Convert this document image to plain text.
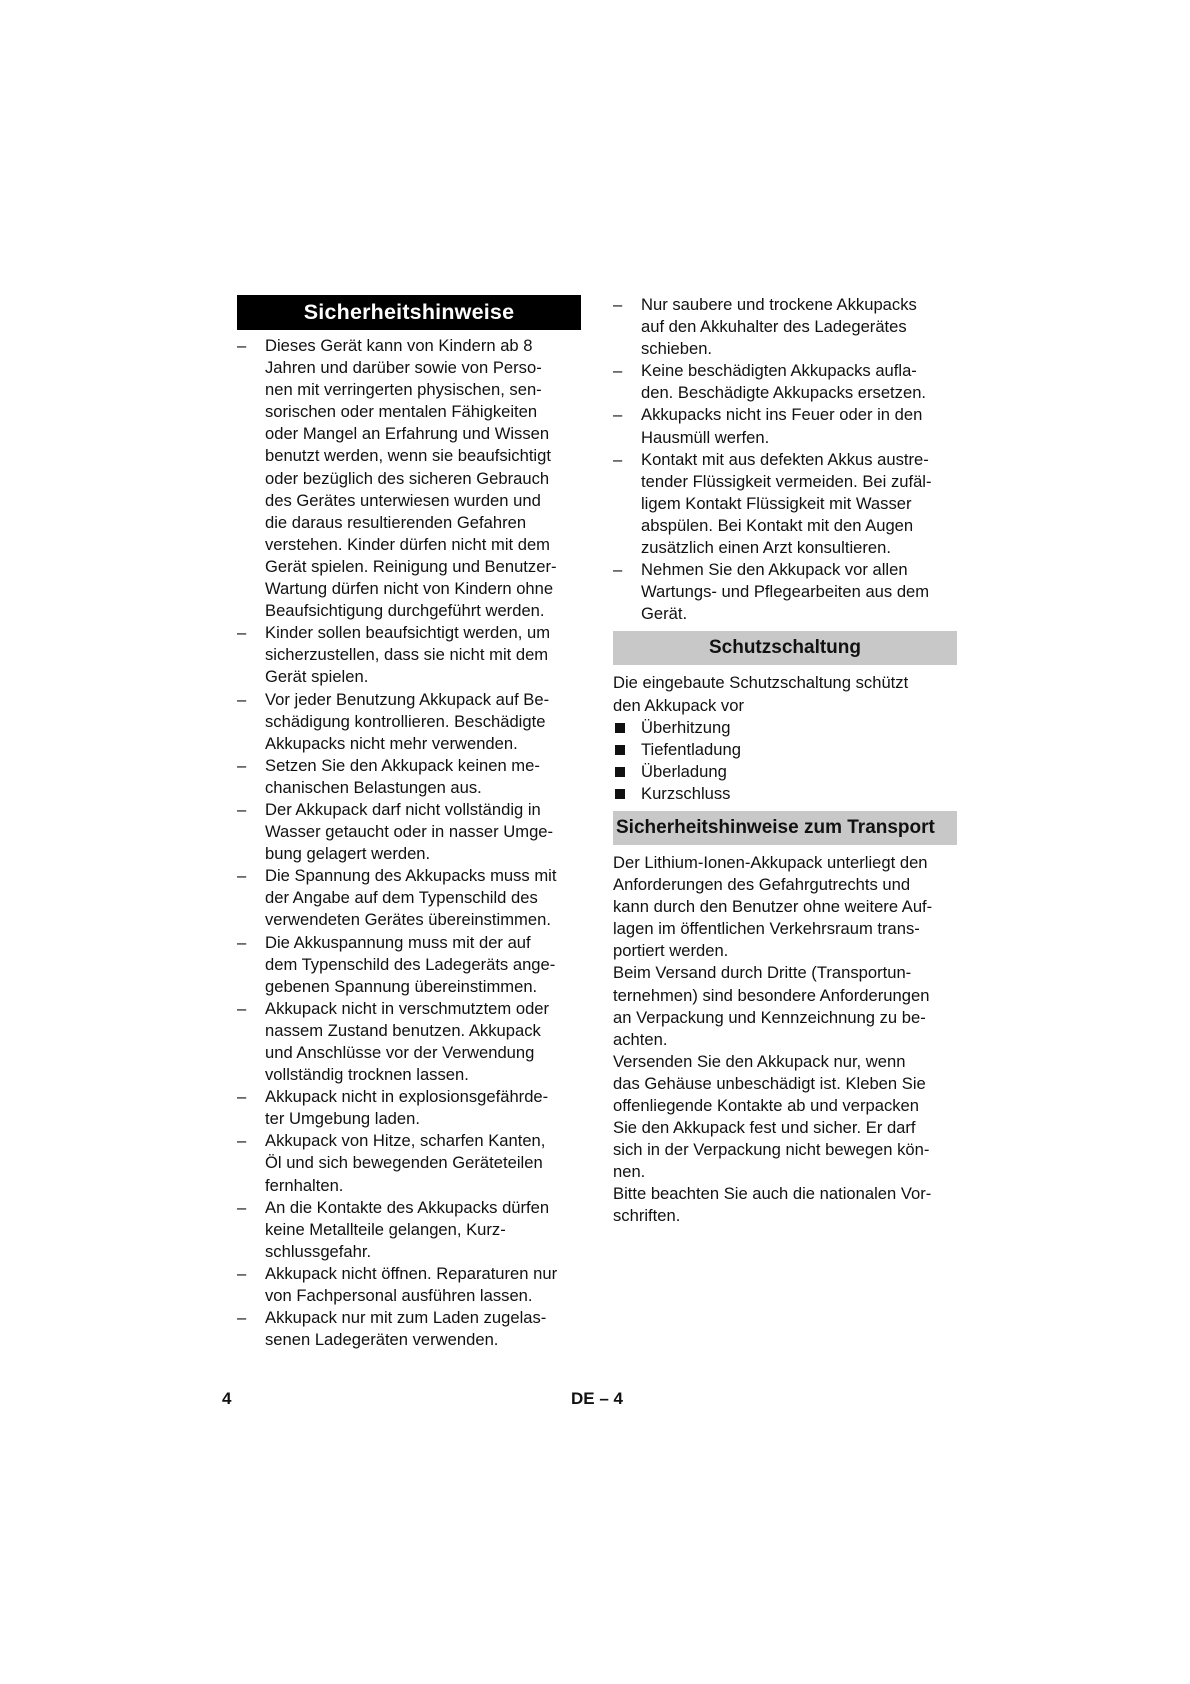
Sicherheitshinweise
–	Dieses Gerät kann von Kindern ab 8
Jahren und darüber sowie von Perso-
nen mit verringerten physischen, sen-
sorischen oder mentalen Fähigkeiten
oder Mangel an Erfahrung und Wissen
benutzt werden, wenn sie beaufsichtigt
oder bezüglich des sicheren Gebrauch
des Gerätes unterwiesen wurden und
die daraus resultierenden Gefahren
verstehen. Kinder dürfen nicht mit dem
Gerät spielen. Reinigung und Benutzer-
Wartung dürfen nicht von Kindern ohne
Beaufsichtigung durchgeführt werden.
–	Kinder sollen beaufsichtigt werden, um
sicherzustellen, dass sie nicht mit dem
Gerät spielen.
–	Vor jeder Benutzung Akkupack auf Be-
schädigung kontrollieren. Beschädigte
Akkupacks nicht mehr verwenden.
–	Setzen Sie den Akkupack keinen me-
chanischen Belastungen aus.
–	Der Akkupack darf nicht vollständig in
Wasser getaucht oder in nasser Umge-
bung gelagert werden.
–	Die Spannung des Akkupacks muss mit
der Angabe auf dem Typenschild des
verwendeten Gerätes übereinstimmen.
–	Die Akkuspannung muss mit der auf
dem Typenschild des Ladegeräts ange-
gebenen Spannung übereinstimmen.
–	Akkupack nicht in verschmutztem oder
nassem Zustand benutzen. Akkupack
und Anschlüsse vor der Verwendung
vollständig trocknen lassen.
–	Akkupack nicht in explosionsgefährde-
ter Umgebung laden.
–	Akkupack von Hitze, scharfen Kanten,
Öl und sich bewegenden Geräteteilen
fernhalten.
–	An die Kontakte des Akkupacks dürfen
keine Metallteile gelangen, Kurz-
schlussgefahr.
–	Akkupack nicht öffnen. Reparaturen nur
von Fachpersonal ausführen lassen.
–	Akkupack nur mit zum Laden zugelas-
senen Ladegeräten verwenden.
–	Nur saubere und trockene Akkupacks
auf den Akkuhalter des Ladegerätes
schieben.
–	Keine beschädigten Akkupacks aufla-
den. Beschädigte Akkupacks ersetzen.
–	Akkupacks nicht ins Feuer oder in den
Hausmüll werfen.
–	Kontakt mit aus defekten Akkus austre-
tender Flüssigkeit vermeiden. Bei zufäl-
ligem Kontakt Flüssigkeit mit Wasser
abspülen. Bei Kontakt mit den Augen
zusätzlich einen Arzt konsultieren.
–	Nehmen Sie den Akkupack vor allen
Wartungs- und Pflegearbeiten aus dem
Gerät.
Schutzschaltung

Die eingebaute Schutzschaltung schützt
den Akkupack vor

Überhitzung
Tiefentladung
Überladung
Kurzschluss
Sicherheitshinweise zum Transport

Der Lithium-Ionen-Akkupack unterliegt den
Anforderungen des Gefahrgutrechts und
kann durch den Benutzer ohne weitere Auf-
lagen im öffentlichen Verkehrsraum trans-
portiert werden.

Beim Versand durch Dritte (Transportun-
ternehmen) sind besondere Anforderungen
an Verpackung und Kennzeichnung zu be-
achten.

Versenden Sie den Akkupack nur, wenn
das Gehäuse unbeschädigt ist. Kleben Sie
offenliegende Kontakte ab und verpacken
Sie den Akkupack fest und sicher. Er darf
sich in der Verpackung nicht bewegen kön-
nen.

Bitte beachten Sie auch die nationalen Vor-
schriften.

4	DE – 4
